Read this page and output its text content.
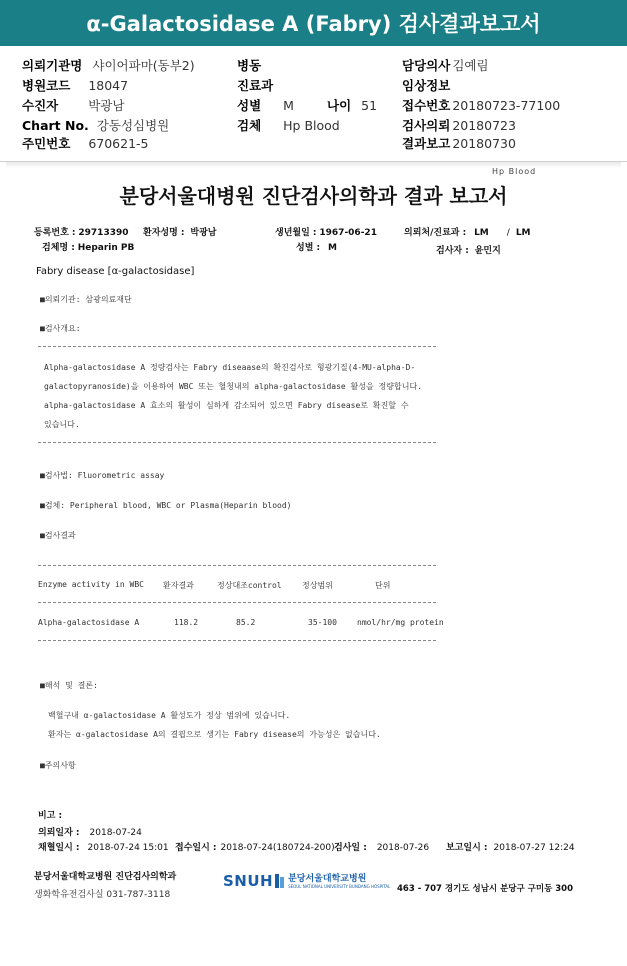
α-Galactosidase A (Fabry) 검사결과보고서
의뢰기관명 샤이어파마(동부2)	병동	담당의사 김예림
병원코드 18047	진료과	임상정보
수진자 박광남	성별 M	나이 51 접수번호 20180723-77100
Chart No. 강동성심병원	검체 Hp Blood	검사의뢰 20180723
주민번호 670621-5	결과보고 20180730
Hp Blood
분당서울대병원 진단검사의학과 결과 보고서
등록번호 : 29713390 환자성명 : 박광남	생년월일 : 1967-06-21	의뢰처/진료과 : LM / LM
검체명 : Heparin PB	성별 : M	검사자 : 윤민지
Fabry disease [α-galactosidase]
■의뢰기관: 삼광의료재단
■검사개요:
Alpha-galactosidase A 정량검사는 Fabry diseaase의 확진검사로 형광기질(4-MU-alpha-D-
galactopyranoside)을 이용하여 WBC 또는 혈청내의 alpha-galactosidase 활성을 정량합니다.
alpha-galactosidase A 효소의 활성이 심하게 감소되어 있으면 Fabry disease로 확진할 수
있습니다.
■검사법: Fluorometric assay
■검체: Peripheral blood, WBC or Plasma(Heparin blood)
■검사결과
Enzyme activity in WBC 환자결과	정상대조control	정상범위	단위
Alpha-galactosidase A	118.2	85.2	35-100	nmol/hr/mg protein
■해석 및 결론:
백혈구내 α-galactosidase A 활성도가 정상 범위에 있습니다.
환자는 α-galactosidase A의 결핍으로 생기는 Fabry disease의 가능성은 없습니다.
■주의사항
비고 :
의뢰일자 : 2018-07-24
채혈일시 : 2018-07-24 15:01 접수일시 : 2018-07-24(180724-200) 검사일 : 2018-07-26 보고일시 : 2018-07-27 12:24
분당서울대학교병원 진단검사의학과
생화학유전검사실 031-787-3118
SNUH 분당서울대학교병원
SEOUL NATIONAL UNIVERSITY BUNDANG HOSPITAL 463 - 707 경기도 성남시 분당구 구미동 300
